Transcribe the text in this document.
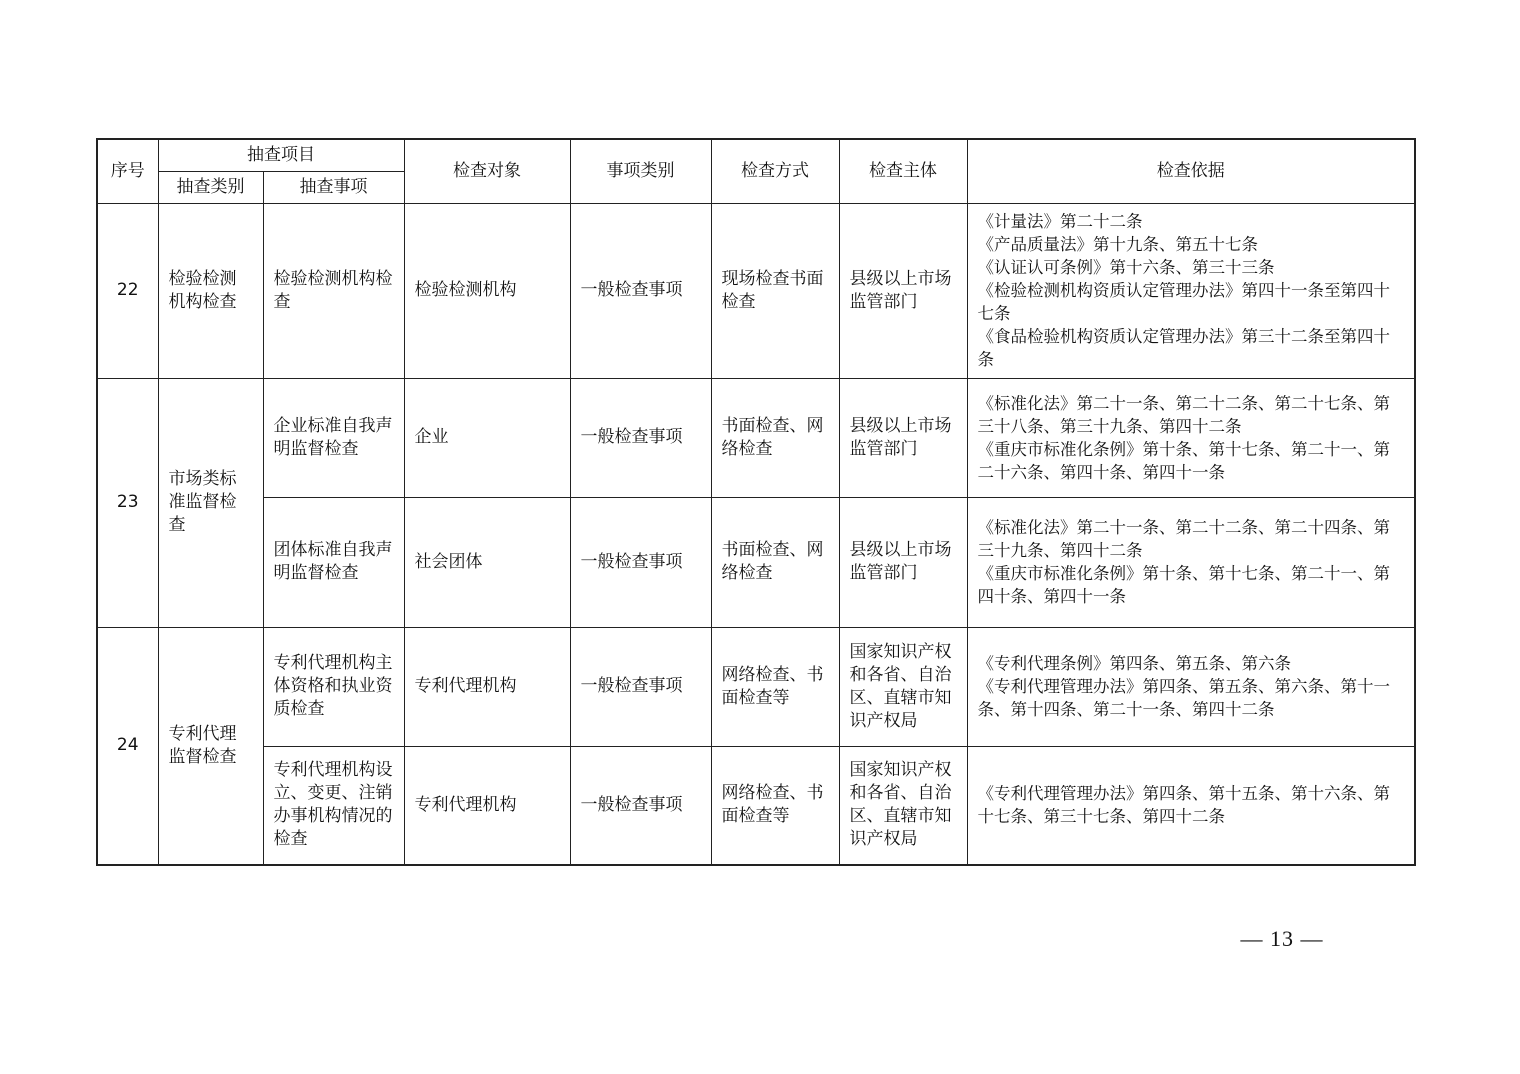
序号	抽查项目		检查对象	事项类别	检查方式	检查主体	检查依据
	抽查类别	抽查事项					
22	检验检测机构检查	检验检测机构检查	检验检测机构	一般检查事项	现场检查书面检查	县级以上市场监管部门	《计量法》第二十二条
《产品质量法》第十九条、第五十七条
《认证认可条例》第十六条、第三十三条
《检验检测机构资质认定管理办法》第四十一条至第四十七条
《食品检验机构资质认定管理办法》第三十二条至第四十条

23	市场类标准监督检查	企业标准自我声明监督检查	企业	一般检查事项	书面检查、网络检查	县级以上市场监管部门	《标准化法》第二十一条、第二十二条、第二十七条、第三十八条、第三十九条、第四十二条
《重庆市标准化条例》第十条、第十七条、第二十一、第二十六条、第四十条、第四十一条

		团体标准自我声明监督检查	社会团体	一般检查事项	书面检查、网络检查	县级以上市场监管部门	《标准化法》第二十一条、第二十二条、第二十四条、第三十九条、第四十二条
《重庆市标准化条例》第十条、第十七条、第二十一、第四十条、第四十一条

24	专利代理监督检查	专利代理机构主体资格和执业资质检查	专利代理机构	一般检查事项	网络检查、书面检查等	国家知识产权和各省、自治区、直辖市知识产权局	《专利代理条例》第四条、第五条、第六条
《专利代理管理办法》第四条、第五条、第六条、第十一条、第十四条、第二十一条、第四十二条

		专利代理机构设立、变更、注销办事机构情况的检查	专利代理机构	一般检查事项	网络检查、书面检查等	国家知识产权和各省、自治区、直辖市知识产权局	《专利代理管理办法》第四条、第十五条、第十六条、第十七条、第三十七条、第四十二条
— 13 —
